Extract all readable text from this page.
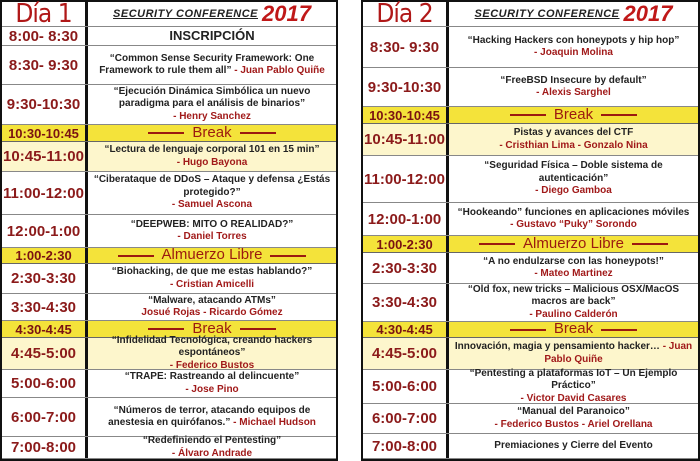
Día 1	SECURITY CONFERENCE 2017
8:00- 8:30	INSCRIPCIÓN
8:30- 9:30	“Common Sense Security Framework: One Framework to rule them all” - Juan Pablo Quiñe
9:30-10:30
“Ejecución Dinámica Simbólica un nuevo paradigma para el análisis de binarios”
- Henry Sanchez
10:30-10:45	Break
10:45-11:00	“Lectura de lenguaje corporal 101 en 15 min”
- Hugo Bayona
11:00-12:00
“Ciberataque de DDoS – Ataque y defensa ¿Estás protegido?”
- Samuel Ascona
12:00-1:00	“DEEPWEB: MITO O REALIDAD?”
- Daniel Torres
1:00-2:30	Almuerzo Libre
2:30-3:30	“Biohacking, de que me estas hablando?”
- Cristian Amicelli
3:30-4:30	“Malware, atacando ATMs”
Josué Rojas - Ricardo Gómez
4:30-4:45	Break
4:45-5:00
“Infidelidad Tecnológica, creando hackers espontáneos”
- Federico Bustos
5:00-6:00	“TRAPE: Rastreando al delincuente”
- Jose Pino
6:00-7:00	“Números de terror, atacando equipos de anestesia en quirófanos.” - Michael Hudson
7:00-8:00	“Redefiniendo el Pentesting”
- Álvaro Andrade
Día 2	SECURITY CONFERENCE 2017
8:30- 9:30	“Hacking Hackers con honeypots y hip hop”
- Joaquin Molina
9:30-10:30	“FreeBSD Insecure by default”
- Alexis Sarghel
10:30-10:45	Break
10:45-11:00	Pistas y avances del CTF
- Cristhian Lima - Gonzalo Nina
11:00-12:00
“Seguridad Física – Doble sistema de autenticación”
- Diego Gamboa
12:00-1:00	“Hookeando” funciones en aplicaciones móviles
- Gustavo “Puky” Sorondo
1:00-2:30	Almuerzo Libre
2:30-3:30	“A no endulzarse con las honeypots!”
- Mateo Martinez
3:30-4:30
“Old fox, new tricks – Malicious OSX/MacOS macros are back”
- Paulino Calderón
4:30-4:45	Break
4:45-5:00	Innovación, magia y pensamiento hacker… - Juan Pablo Quiñe
5:00-6:00
“Pentesting a plataformas IoT – Un Ejemplo Práctico”
- Victor David Casares
6:00-7:00	“Manual del Paranoico”
- Federico Bustos - Ariel Orellana
7:00-8:00	Premiaciones y Cierre del Evento
